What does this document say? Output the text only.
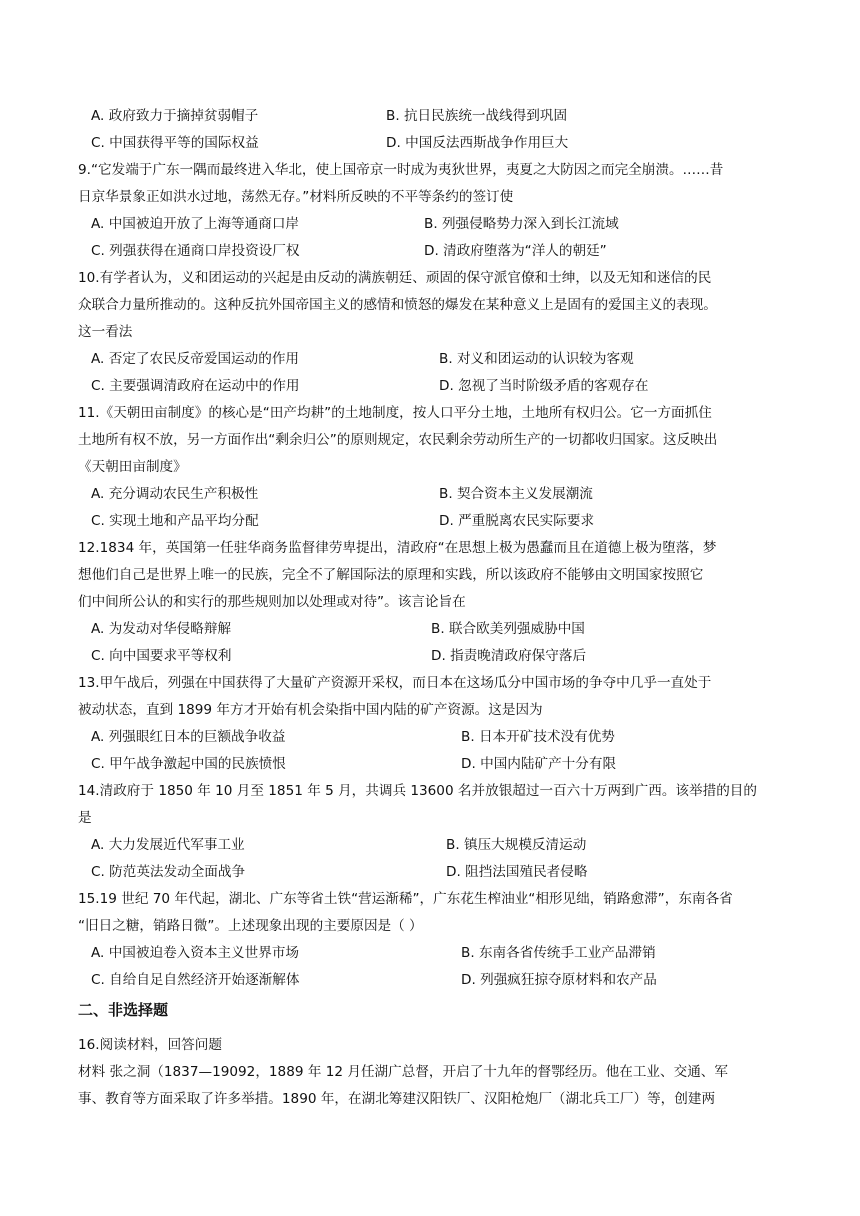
A. 政府致力于摘掉贫弱帽子	B. 抗日民族统一战线得到巩固
C. 中国获得平等的国际权益	D. 中国反法西斯战争作用巨大
9.“它发端于广东一隅而最终进入华北，使上国帝京一时成为夷狄世界，夷夏之大防因之而完全崩溃。……昔
日京华景象正如洪水过地，荡然无存。”材料所反映的不平等条约的签订使
A. 中国被迫开放了上海等通商口岸	B. 列强侵略势力深入到长江流域
C. 列强获得在通商口岸投资设厂权	D. 清政府堕落为“洋人的朝廷”
10.有学者认为，义和团运动的兴起是由反动的满族朝廷、顽固的保守派官僚和士绅，以及无知和迷信的民
众联合力量所推动的。这种反抗外国帝国主义的感情和愤怒的爆发在某种意义上是固有的爱国主义的表现。
这一看法
A. 否定了农民反帝爱国运动的作用	B. 对义和团运动的认识较为客观
C. 主要强调清政府在运动中的作用	D. 忽视了当时阶级矛盾的客观存在
11.《天朝田亩制度》的核心是“田产均耕”的土地制度，按人口平分土地，土地所有权归公。它一方面抓住
土地所有权不放，另一方面作出“剩余归公”的原则规定，农民剩余劳动所生产的一切都收归国家。这反映出
《天朝田亩制度》
A. 充分调动农民生产积极性	B. 契合资本主义发展潮流
C. 实现土地和产品平均分配	D. 严重脱离农民实际要求
12.1834 年，英国第一任驻华商务监督律劳卑提出，清政府“在思想上极为愚蠢而且在道德上极为堕落，梦
想他们自己是世界上唯一的民族，完全不了解国际法的原理和实践，所以该政府不能够由文明国家按照它
们中间所公认的和实行的那些规则加以处理或对待”。该言论旨在
A. 为发动对华侵略辩解	B. 联合欧美列强威胁中国
C. 向中国要求平等权利	D. 指责晚清政府保守落后
13.甲午战后，列强在中国获得了大量矿产资源开采权，而日本在这场瓜分中国市场的争夺中几乎一直处于
被动状态，直到 1899 年方才开始有机会染指中国内陆的矿产资源。这是因为
A. 列强眼红日本的巨额战争收益	B. 日本开矿技术没有优势
C. 甲午战争激起中国的民族愤恨	D. 中国内陆矿产十分有限
14.清政府于 1850 年 10 月至 1851 年 5 月，共调兵 13600 名并放银超过一百六十万两到广西。该举措的目的
是
A. 大力发展近代军事工业	B. 镇压大规模反清运动
C. 防范英法发动全面战争	D. 阻挡法国殖民者侵略
15.19 世纪 70 年代起，湖北、广东等省土铁“营运渐稀”，广东花生榨油业“相形见绌，销路愈滞”，东南各省
“旧日之糖，销路日微”。上述现象出现的主要原因是（ ）
A. 中国被迫卷入资本主义世界市场	B. 东南各省传统手工业产品滞销
C. 自给自足自然经济开始逐渐解体	D. 列强疯狂掠夺原材料和农产品
二、非选择题
16.阅读材料，回答问题
材料 张之洞（1837—19092，1889 年 12 月任湖广总督，开启了十九年的督鄂经历。他在工业、交通、军
事、教育等方面采取了许多举措。1890 年，在湖北筹建汉阳铁厂、汉阳枪炮厂（湖北兵工厂）等，创建两
